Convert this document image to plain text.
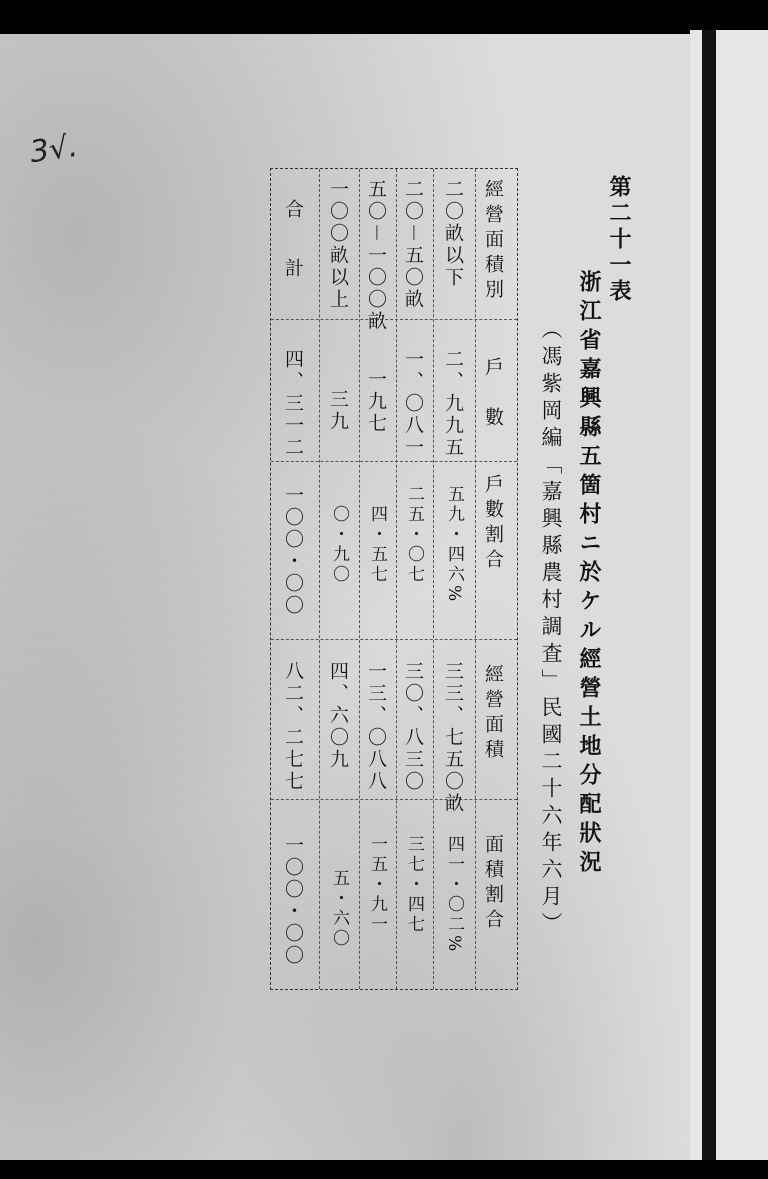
3√.
第二十一表
浙江省嘉興縣五箇村ニ於ケル經營土地分配狀況
（馮紫岡編「嘉興縣農村調査」民國二十六年六月）
經營面積別
戶　數
戶數割合
經營面積
面積割合
二〇畝以下
二、九九五
五九・四六%
三三、七五〇畝
四一・〇二%
二〇－五〇畝
一、〇八一
二五・〇七
三〇、八三〇
三七・四七
五〇－一〇〇畝
一九七
四・五七
一三、〇八八
一五・九一
一〇〇畝以上
三九
〇・九〇
四、六〇九
五・六〇
合計
四、三一二
一〇〇・〇〇
八二、二七七
一〇〇・〇〇
